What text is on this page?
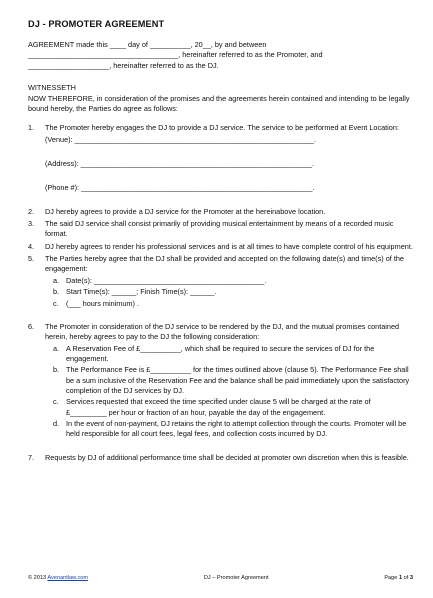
DJ - PROMOTER AGREEMENT

AGREEMENT made this ____ day of __________, 20__, by and between

_____________________________________, hereinafter referred to as the Promoter, and

____________________, hereinafter referred to as the DJ.

WITNESSETH

NOW THEREFORE, in consideration of the promises and the agreements herein contained and intending to be legally bound hereby, the Parties do agree as follows:

1.	The Promoter hereby engages the DJ to provide a DJ service. The service to be performed at Event Location:

(Venue): ___________________________________________________________.

(Address): _________________________________________________________.

(Phone #): _________________________________________________________.

2.	DJ hereby agrees to provide a DJ service for the Promoter at the hereinabove location.

3.	The said DJ service shall consist primarily of providing musical entertainment by means of a recorded music format.

4.	DJ hereby agrees to render his professional services and is at all times to have complete control of his equipment.

5.	The Parties hereby agree that the DJ shall be provided and accepted on the following date(s) and time(s) of the engagement:

a. Date(s): __________________________________________.

b. Start Time(s): ______; Finish Time(s): ______.

c.	(___ hours minimum) .

6.	The Promoter in consideration of the DJ service to be rendered by the DJ, and the mutual promises contained herein, hereby agrees to pay to the DJ the following consideration:

a. A Reservation Fee of £__________, which shall be required to secure the services of DJ for the engagement.

b. The Performance Fee is £__________ for the times outlined above (clause 5). The Performance Fee shall be a sum inclusive of the Reservation Fee and the balance shall be paid immediately upon the satisfactory completion of the DJ services by DJ.

c.	Services requested that exceed the time specified under clause 5 will be charged at the rate of £_________ per hour or fraction of an hour, payable the day of the engagement.

d. In the event of non-payment, DJ retains the right to attempt collection through the courts. Promoter will be held responsible for all court fees, legal fees, and collection costs incurred by DJ.

7.	Requests by DJ of additional performance time shall be decided at promoter own discretion when this is feasible.

© 2013 Avenantlaw.com	DJ – Promoter Agreement	Page 1 of 3
